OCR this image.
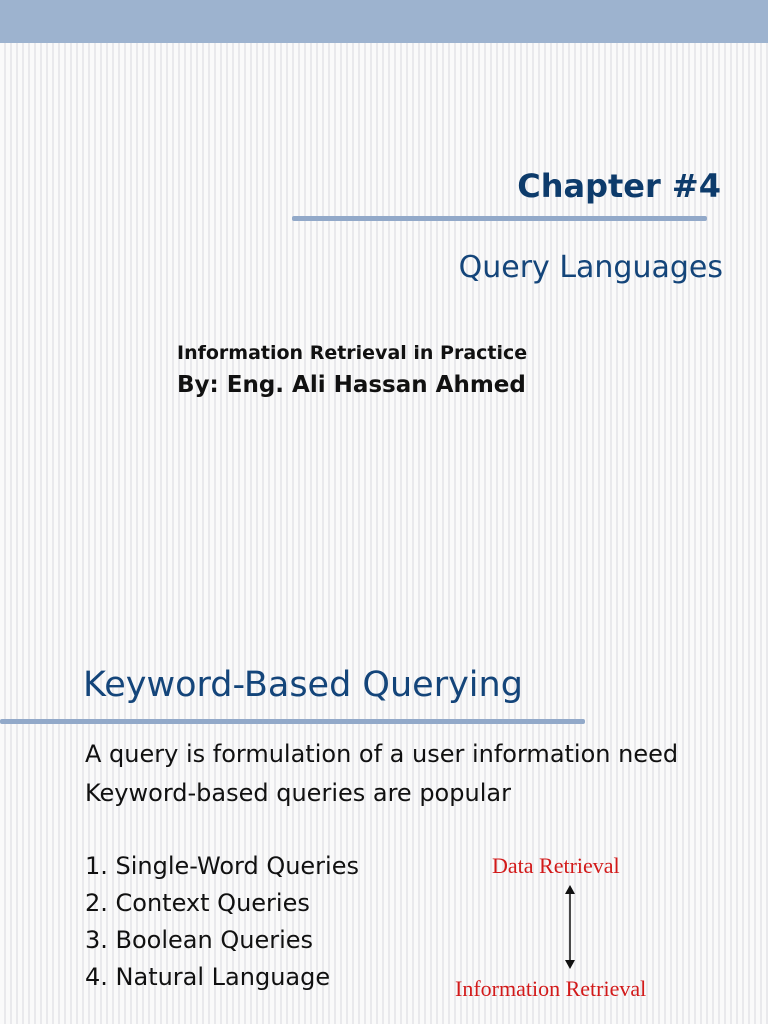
Chapter #4
Query Languages
Information Retrieval in Practice
By: Eng. Ali Hassan Ahmed
Keyword-Based Querying
A query is formulation of a user information need
Keyword-based queries are popular
1. Single-Word Queries
2. Context Queries
3. Boolean Queries
4. Natural Language
Data Retrieval
Information Retrieval
